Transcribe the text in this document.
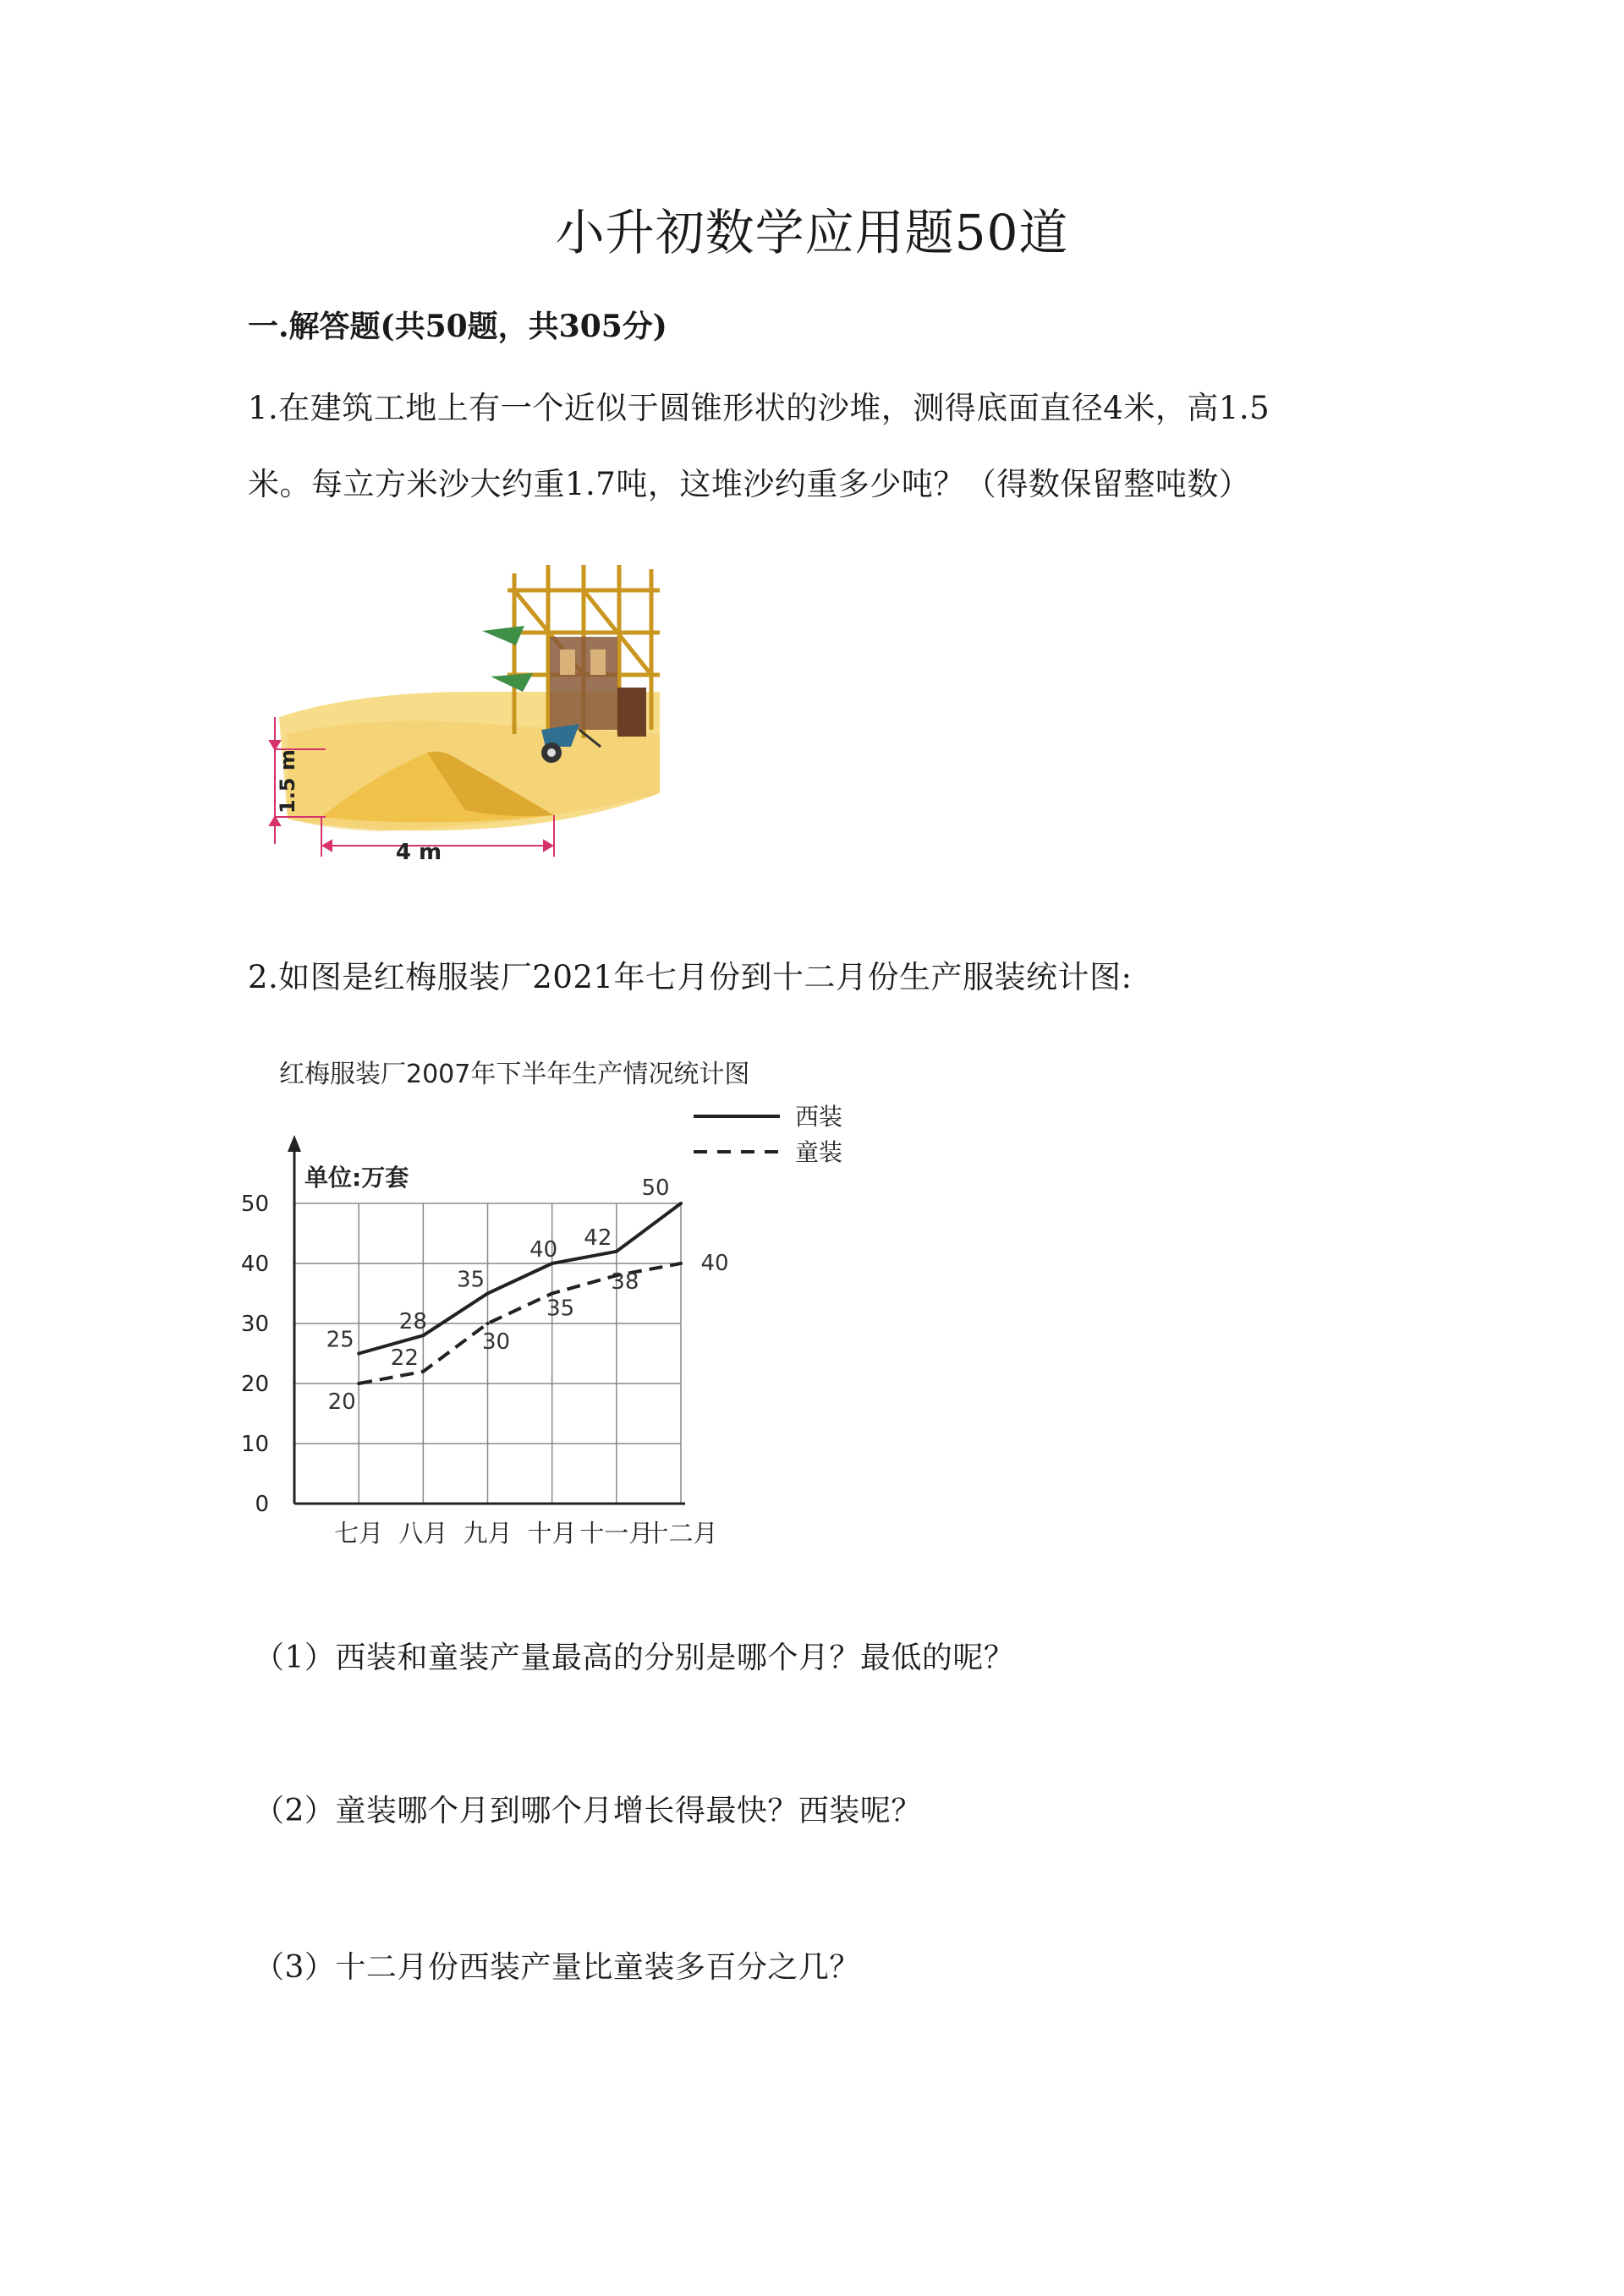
小升初数学应用题50道
一.解答题(共50题，共305分)
1.在建筑工地上有一个近似于圆锥形状的沙堆，测得底面直径4米，高1.5
米。每立方米沙大约重1.7吨，这堆沙约重多少吨？（得数保留整吨数）
1.5 m
4 m
2.如图是红梅服装厂2021年七月份到十二月份生产服装统计图:
红梅服装厂2007年下半年生产情况统计图
单位:万套
西装
童装
0
10
20
30
40
50
七月 八月 九月 十月 十一月
十二月
25
28
35
40 42
50
20
22
30
35
38
40
（1）西装和童装产量最高的分别是哪个月？最低的呢？
（2）童装哪个月到哪个月增长得最快？西装呢？
（3）十二月份西装产量比童装多百分之几？
